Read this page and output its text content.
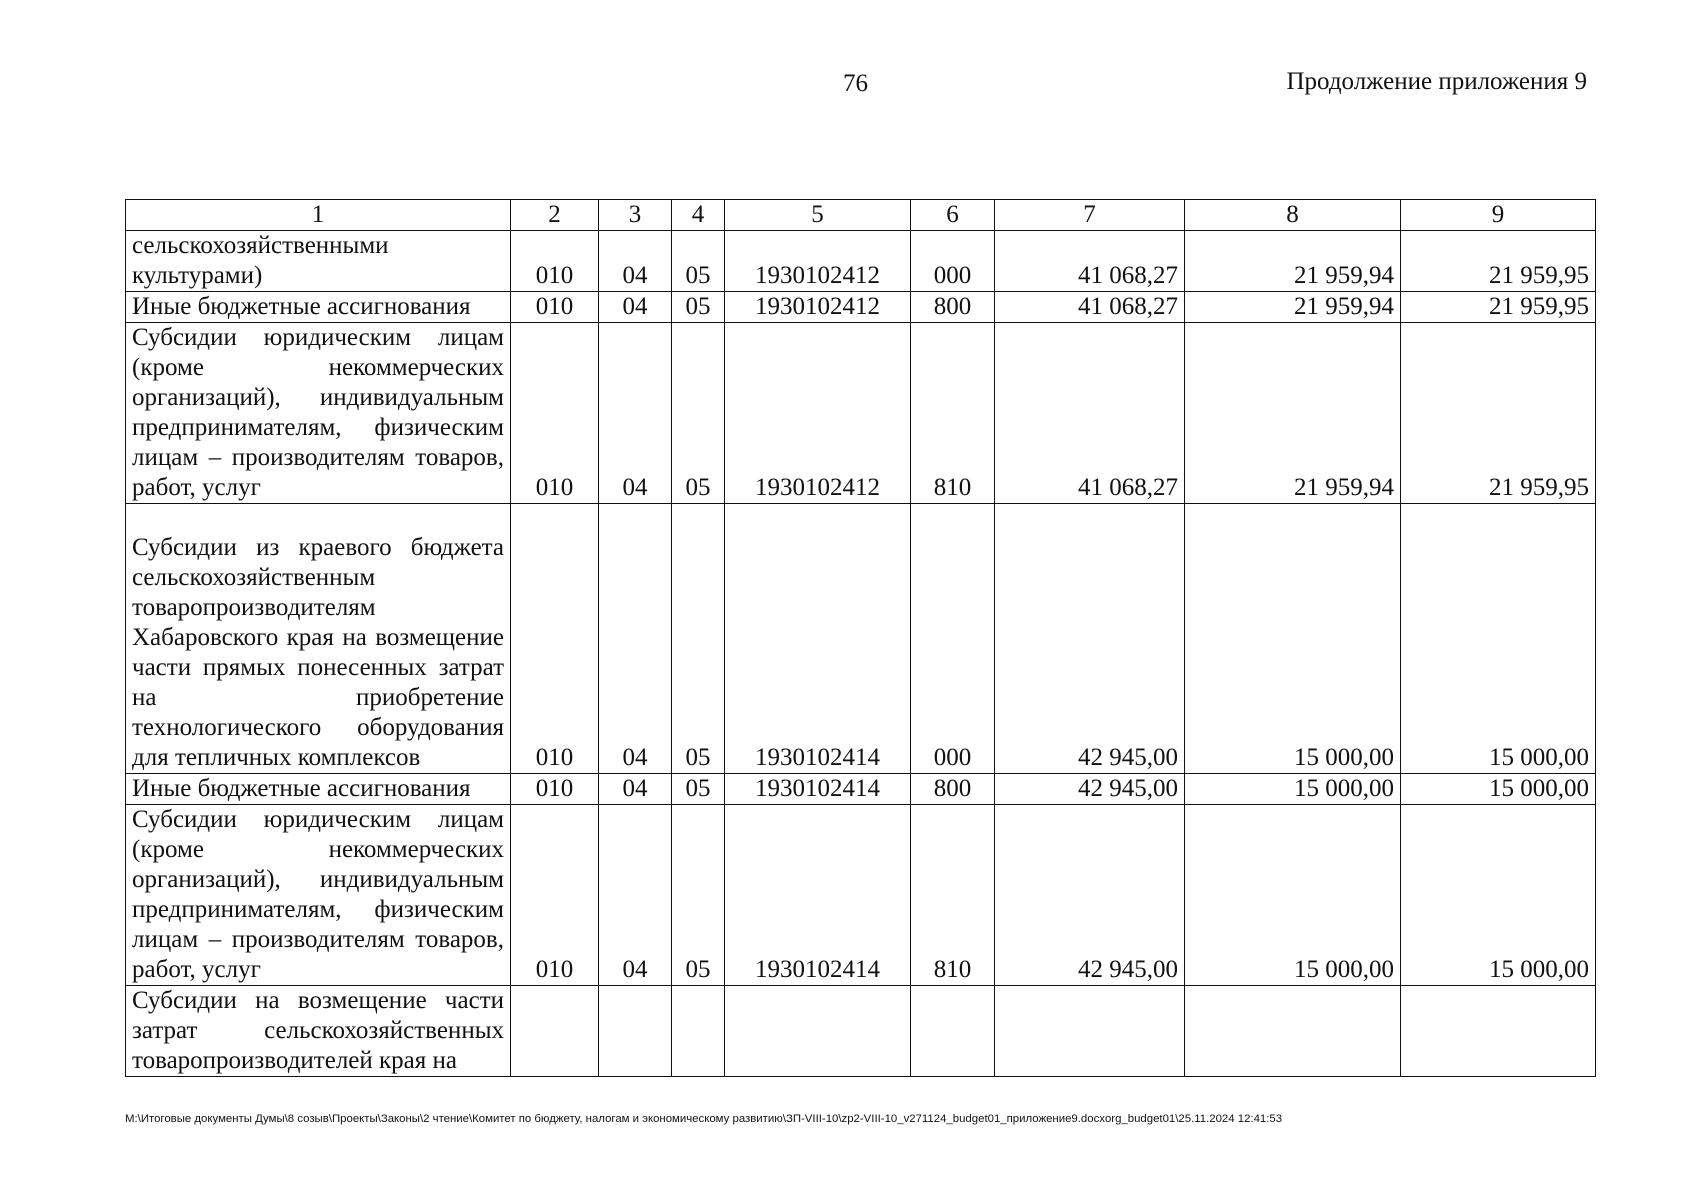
76	Продолжение приложения 9
1	2	3	4	5	6	7	8	9

сельскохозяйственными культурами)	010	04	05	1930102412	000	41 068,27	21 959,94	21 959,95
Иные бюджетные ассигнования	010	04	05	1930102412	800	41 068,27	21 959,94	21 959,95
Субсидии юридическим лицам (кроме некоммерческих организаций), индивидуальным предпринимателям, физическим лицам – производителям товаров, работ, услуг	010	04	05	1930102412	810	41 068,27	21 959,94	21 959,95
Субсидии из краевого бюджета сельскохозяйственным товаропроизводителям Хабаровского края на возмещение части прямых понесенных затрат на приобретение технологического оборудования для тепличных комплексов	010	04	05	1930102414	000	42 945,00	15 000,00	15 000,00
Иные бюджетные ассигнования	010	04	05	1930102414	800	42 945,00	15 000,00	15 000,00
Субсидии юридическим лицам (кроме некоммерческих организаций), индивидуальным предпринимателям, физическим лицам – производителям товаров, работ, услуг	010	04	05	1930102414	810	42 945,00	15 000,00	15 000,00
Субсидии на возмещение части затрат сельскохозяйственных товаропроизводителей края на								
M:\Итоговые документы Думы\8 созыв\Проекты\Законы\2 чтение\Комитет по бюджету, налогам и экономическому развитию\ЗП-VIII-10\zp2-VIII-10_v271124_budget01_приложение9.docxorg_budget01\25.11.2024 12:41:53
